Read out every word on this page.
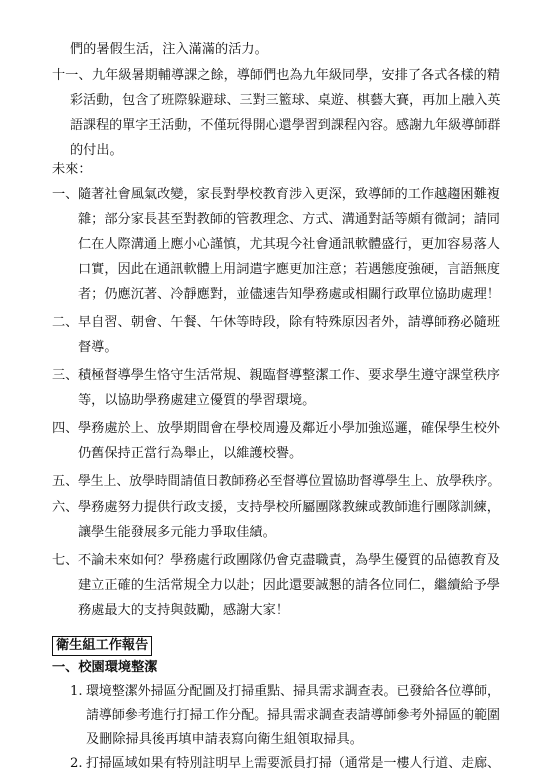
們的暑假生活，注入滿滿的活力。
十一、 九年級暑期輔導課之餘，導師們也為九年級同學，安排了各式各樣的精
彩活動，包含了班際躲避球、三對三籃球、桌遊、棋藝大賽，再加上融入英
語課程的單字王活動，不僅玩得開心還學習到課程內容。感謝九年級導師群
的付出。
未來：
一、 隨著社會風氣改變，家長對學校教育涉入更深，致導師的工作越趨困難複
雜；部分家長甚至對教師的管教理念、方式、溝通對話等頗有微詞；請同
仁在人際溝通上應小心謹慎，尤其現今社會通訊軟體盛行，更加容易落人
口實，因此在通訊軟體上用詞遣字應更加注意；若遇態度強硬，言語無度
者；仍應沉著、冷靜應對，並儘速告知學務處或相關行政單位協助處理！
二、 早自習、朝會、午餐、午休等時段，除有特殊原因者外，請導師務必隨班
督導。
三、 積極督導學生恪守生活常規、親臨督導整潔工作、要求學生遵守課堂秩序
等，以協助學務處建立優質的學習環境。
四、 學務處於上、放學期間會在學校周邊及鄰近小學加強巡邏，確保學生校外
仍舊保持正當行為舉止，以維護校譽。
五、 學生上、放學時間請值日教師務必至督導位置協助督導學生上、放學秩序。
六、 學務處努力提供行政支援，支持學校所屬團隊教練或教師進行團隊訓練，
讓學生能發展多元能力爭取佳績。
七、 不論未來如何？學務處行政團隊仍會克盡職責，為學生優質的品德教育及
建立正確的生活常規全力以赴；因此還要誠懇的請各位同仁，繼續給予學
務處最大的支持與鼓勵，感謝大家！
衛生組工作報告
一、校園環境整潔
1. 環境整潔外掃區分配圖及打掃重點、掃具需求調查表。已發給各位導師，
請導師參考進行打掃工作分配。掃具需求調查表請導師參考外掃區的範圍
及刪除掃具後再填申請表寫向衛生組領取掃具。
2. 打掃區域如果有特別註明早上需要派員打掃（通常是一樓人行道、走廊、
